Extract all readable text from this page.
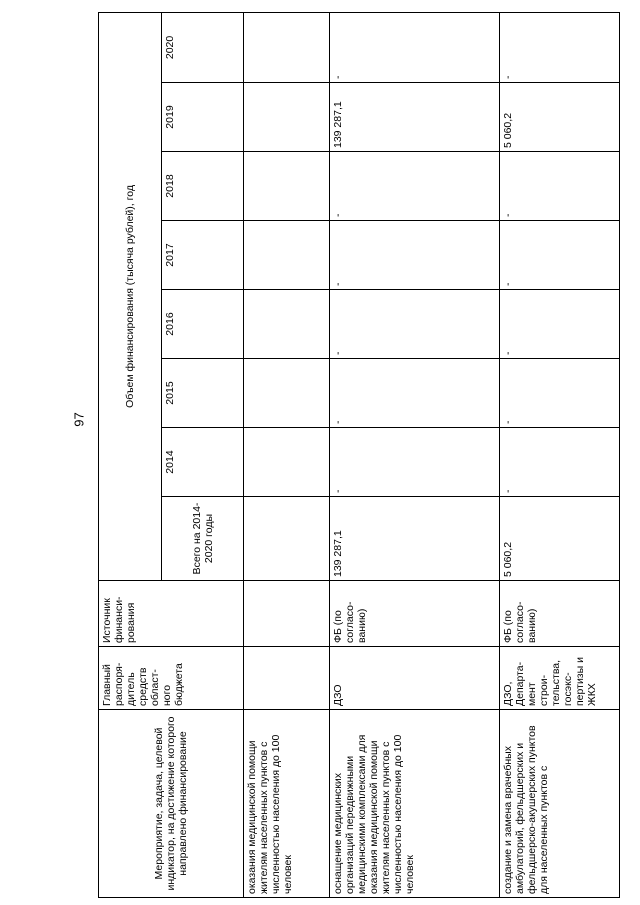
97
Мероприятие, задача, целевой индикатор, на достижение которого направлено финансирование	Главный распоря-дитель средств област-ного бюджета	Источник финанси-рования	Объем финансирования (тысяча рублей), год							
			Всего на 2014-2020 годы	2014	2015	2016	2017	2018	2019	2020
оказания медицинской помощи жителям населенных пунктов с численностью населения до 100 человек										
оснащение медицинских организаций передвижными медицинскими комплексами для оказания медицинской помощи жителям населенных пунктов с численностью населения до 100 человек	ДЗО	ФБ (по согласо-ванию)	139 287,1	-	-	-	-	-	139 287,1	-
создание и замена врачебных амбулаторий, фельдшерских и фельдшерско-акушерских пунктов для населенных пунктов с	ДЗО, Департа-мент строи-тельства, госэкс-пертизы и ЖКХ	ФБ (по согласо-ванию)	5 060,2	-	-	-	-	-	5 060,2	-
